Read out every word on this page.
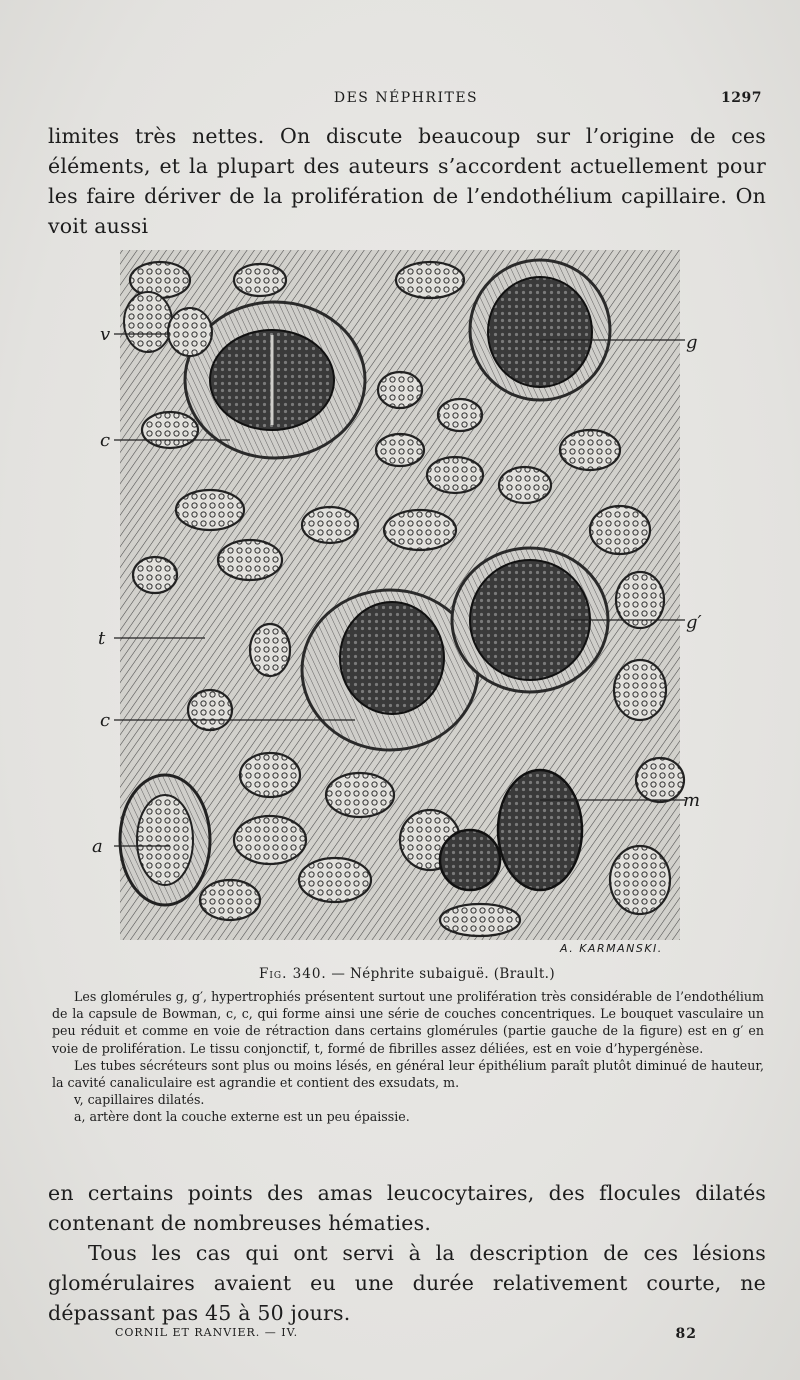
DES NÉPHRITES	1297

limites très nettes. On discute beaucoup sur l’origine de ces éléments, et la plupart des auteurs s’accordent actuellement pour les faire dériver de la prolifération de l’endothélium capillaire. On voit aussi

v
c
t
c
a
g
g′
m
A. KARMANSKI.
Fig. 340. — Néphrite subaiguë. (Brault.)

Les glomérules g, g′, hypertrophiés présentent surtout une prolifération très considérable de l’endothélium de la capsule de Bowman, c, c, qui forme ainsi une série de couches concentriques. Le bouquet vasculaire un peu réduit et comme en voie de rétraction dans certains glomérules (partie gauche de la figure) est en g′ en voie de prolifération. Le tissu conjonctif, t, formé de fibrilles assez déliées, est en voie d’hypergénèse.

Les tubes sécréteurs sont plus ou moins lésés, en général leur épithélium paraît plutôt diminué de hauteur, la cavité canaliculaire est agrandie et contient des exsudats, m.

v, capillaires dilatés.

a, artère dont la couche externe est un peu épaissie.

en certains points des amas leucocytaires, des flocules dilatés contenant de nombreuses hématies.

Tous les cas qui ont servi à la description de ces lésions glomérulaires avaient eu une durée relativement courte, ne dépassant pas 45 à 50 jours.

CORNIL ET RANVIER. — IV.	82
